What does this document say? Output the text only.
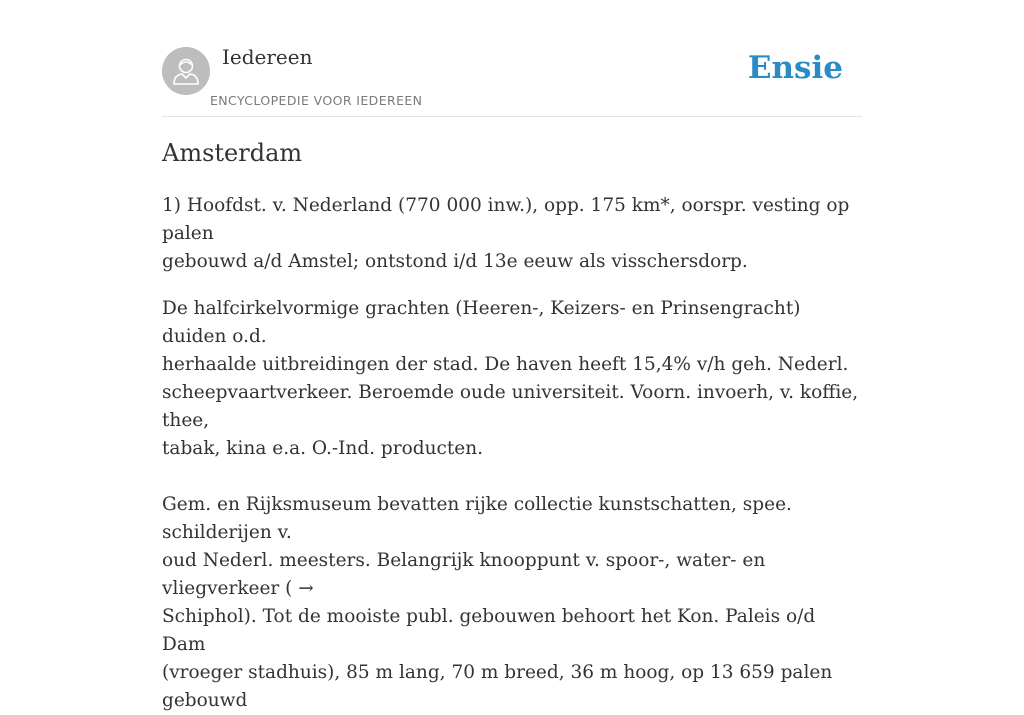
Iedereen
ENCYCLOPEDIE VOOR IEDEREEN
Ensie
Amsterdam

1) Hoofdst. v. Nederland (770 000 inw.), opp. 175 km*, oorspr. vesting op palen
gebouwd a/d Amstel; ontstond i/d 13e eeuw als visschersdorp.

De halfcirkelvormige grachten (Heeren-, Keizers- en Prinsengracht) duiden o.d.
herhaalde uitbreidingen der stad. De haven heeft 15,4% v/h geh. Nederl.
scheepvaartverkeer. Beroemde oude universiteit. Voorn. invoerh, v. koffie, thee,
tabak, kina e.a. O.-Ind. producten.

Gem. en Rijksmuseum bevatten rijke collectie kunstschatten, spee. schilderijen v.
oud Nederl. meesters. Belangrijk knooppunt v. spoor-, water- en vliegverkeer ( →
Schiphol). Tot de mooiste publ. gebouwen behoort het Kon. Paleis o/d Dam
(vroeger stadhuis), 85 m lang, 70 m breed, 36 m hoog, op 13 659 palen gebouwd
